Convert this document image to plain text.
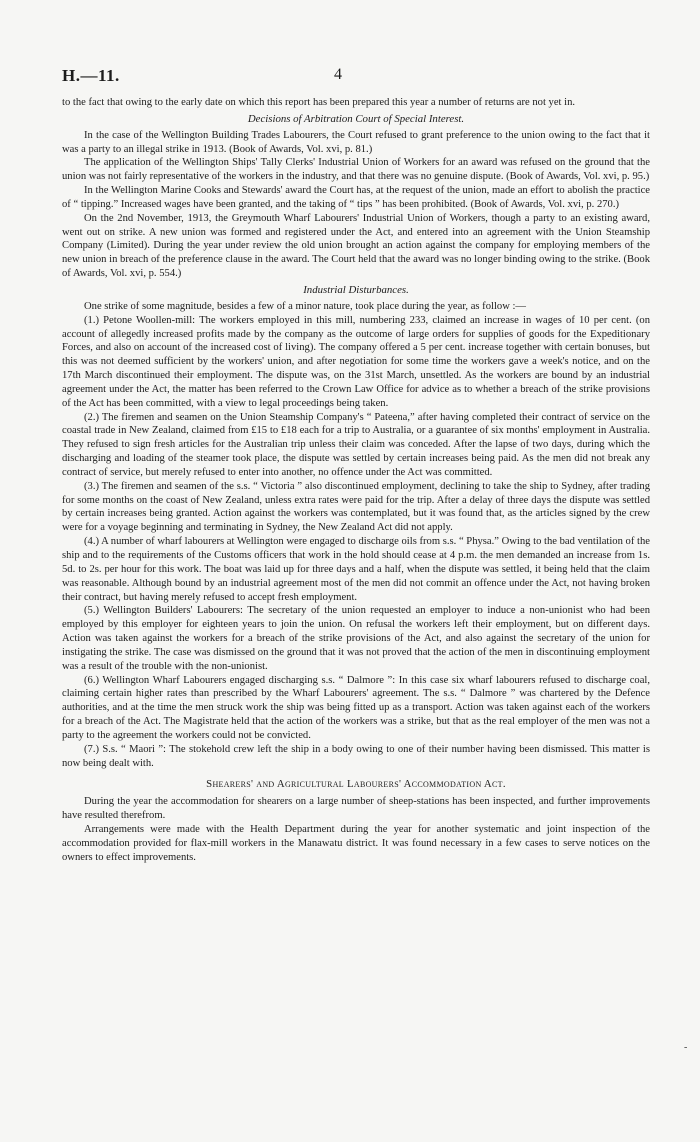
H.—11.	4

to the fact that owing to the early date on which this report has been prepared this year a number of returns are not yet in.

Decisions of Arbitration Court of Special Interest.

In the case of the Wellington Building Trades Labourers, the Court refused to grant preference to the union owing to the fact that it was a party to an illegal strike in 1913. (Book of Awards, Vol. xvi, p. 81.)

The application of the Wellington Ships' Tally Clerks' Industrial Union of Workers for an award was refused on the ground that the union was not fairly representative of the workers in the industry, and that there was no genuine dispute. (Book of Awards, Vol. xvi, p. 95.)

In the Wellington Marine Cooks and Stewards' award the Court has, at the request of the union, made an effort to abolish the practice of “ tipping.” Increased wages have been granted, and the taking of “ tips ” has been prohibited. (Book of Awards, Vol. xvi, p. 270.)

On the 2nd November, 1913, the Greymouth Wharf Labourers' Industrial Union of Workers, though a party to an existing award, went out on strike. A new union was formed and registered under the Act, and entered into an agreement with the Union Steamship Company (Limited). During the year under review the old union brought an action against the company for employing members of the new union in breach of the preference clause in the award. The Court held that the award was no longer binding owing to the strike. (Book of Awards, Vol. xvi, p. 554.)

Industrial Disturbances.

One strike of some magnitude, besides a few of a minor nature, took place during the year, as follow :—

(1.) Petone Woollen-mill: The workers employed in this mill, numbering 233, claimed an increase in wages of 10 per cent. (on account of allegedly increased profits made by the company as the outcome of large orders for supplies of goods for the Expeditionary Forces, and also on account of the increased cost of living). The company offered a 5 per cent. increase together with certain bonuses, but this was not deemed sufficient by the workers' union, and after negotiation for some time the workers gave a week's notice, and on the 17th March discontinued their employment. The dispute was, on the 31st March, unsettled. As the workers are bound by an industrial agreement under the Act, the matter has been referred to the Crown Law Office for advice as to whether a breach of the strike provisions of the Act has been committed, with a view to legal proceedings being taken.

(2.) The firemen and seamen on the Union Steamship Company's “ Pateena,” after having completed their contract of service on the coastal trade in New Zealand, claimed from £15 to £18 each for a trip to Australia, or a guarantee of six months' employment in Australia. They refused to sign fresh articles for the Australian trip unless their claim was conceded. After the lapse of two days, during which the discharging and loading of the steamer took place, the dispute was settled by certain increases being paid. As the men did not break any contract of service, but merely refused to enter into another, no offence under the Act was committed.

(3.) The firemen and seamen of the s.s. “ Victoria ” also discontinued employment, declining to take the ship to Sydney, after trading for some months on the coast of New Zealand, unless extra rates were paid for the trip. After a delay of three days the dispute was settled by certain increases being granted. Action against the workers was contemplated, but it was found that, as the articles signed by the crew were for a voyage beginning and terminating in Sydney, the New Zealand Act did not apply.

(4.) A number of wharf labourers at Wellington were engaged to discharge oils from s.s. “ Physa.” Owing to the bad ventilation of the ship and to the requirements of the Customs officers that work in the hold should cease at 4 p.m. the men demanded an increase from 1s. 5d. to 2s. per hour for this work. The boat was laid up for three days and a half, when the dispute was settled, it being held that the claim was reasonable. Although bound by an industrial agreement most of the men did not commit an offence under the Act, not having broken their contract, but having merely refused to accept fresh employment.

(5.) Wellington Builders' Labourers: The secretary of the union requested an employer to induce a non-unionist who had been employed by this employer for eighteen years to join the union. On refusal the workers left their employment, but on different days. Action was taken against the workers for a breach of the strike provisions of the Act, and also against the secretary of the union for instigating the strike. The case was dismissed on the ground that it was not proved that the action of the men in discontinuing employment was a result of the trouble with the non-unionist.

(6.) Wellington Wharf Labourers engaged discharging s.s. “ Dalmore ”: In this case six wharf labourers refused to discharge coal, claiming certain higher rates than prescribed by the Wharf Labourers' agreement. The s.s. “ Dalmore ” was chartered by the Defence authorities, and at the time the men struck work the ship was being fitted up as a transport. Action was taken against each of the workers for a breach of the Act. The Magistrate held that the action of the workers was a strike, but that as the real employer of the men was not a party to the agreement the workers could not be convicted.

(7.) S.s. “ Maori ”: The stokehold crew left the ship in a body owing to one of their number having been dismissed. This matter is now being dealt with.

Shearers' and Agricultural Labourers' Accommodation Act.

During the year the accommodation for shearers on a large number of sheep-stations has been inspected, and further improvements have resulted therefrom.

Arrangements were made with the Health Department during the year for another systematic and joint inspection of the accommodation provided for flax-mill workers in the Manawatu district. It was found necessary in a few cases to serve notices on the owners to effect improvements.

-
